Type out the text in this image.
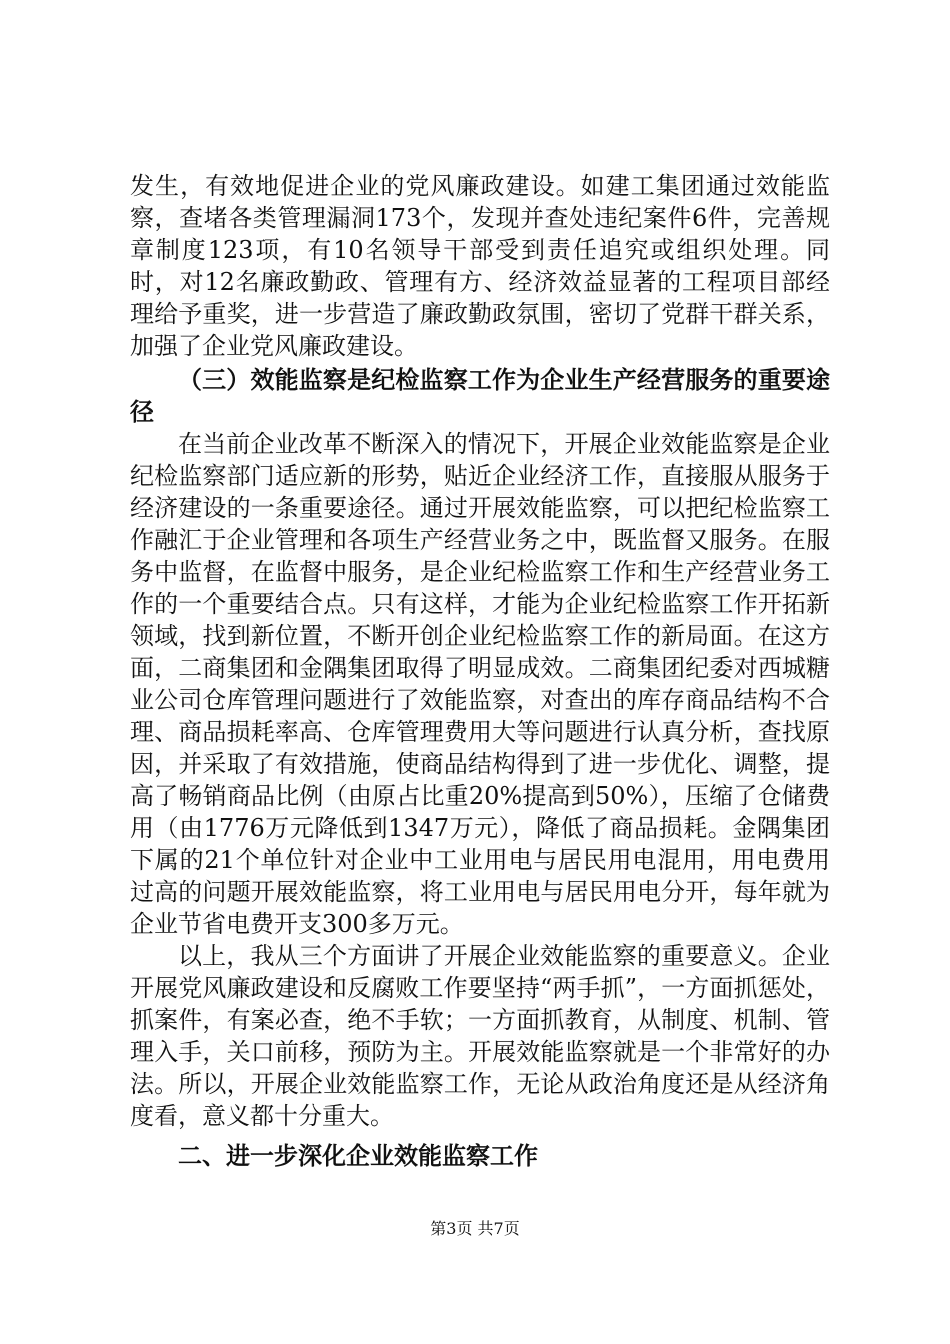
发生，有效地促进企业的党风廉政建设。如建工集团通过效能监察，查堵各类管理漏洞173个，发现并查处违纪案件6件，完善规章制度123项，有10名领导干部受到责任追究或组织处理。同时，对12名廉政勤政、管理有方、经济效益显著的工程项目部经理给予重奖，进一步营造了廉政勤政氛围，密切了党群干群关系，加强了企业党风廉政建设。

（三）效能监察是纪检监察工作为企业生产经营服务的重要途径

在当前企业改革不断深入的情况下，开展企业效能监察是企业纪检监察部门适应新的形势，贴近企业经济工作，直接服从服务于经济建设的一条重要途径。通过开展效能监察，可以把纪检监察工作融汇于企业管理和各项生产经营业务之中，既监督又服务。在服务中监督，在监督中服务，是企业纪检监察工作和生产经营业务工作的一个重要结合点。只有这样，才能为企业纪检监察工作开拓新领域，找到新位置，不断开创企业纪检监察工作的新局面。在这方面，二商集团和金隅集团取得了明显成效。二商集团纪委对西城糖业公司仓库管理问题进行了效能监察，对查出的库存商品结构不合理、商品损耗率高、仓库管理费用大等问题进行认真分析，查找原因，并采取了有效措施，使商品结构得到了进一步优化、调整，提高了畅销商品比例（由原占比重20%提高到50%），压缩了仓储费用（由1776万元降低到1347万元），降低了商品损耗。金隅集团下属的21个单位针对企业中工业用电与居民用电混用，用电费用过高的问题开展效能监察，将工业用电与居民用电分开，每年就为企业节省电费开支300多万元。

以上，我从三个方面讲了开展企业效能监察的重要意义。企业开展党风廉政建设和反腐败工作要坚持“两手抓”，一方面抓惩处，抓案件，有案必查，绝不手软；一方面抓教育，从制度、机制、管理入手，关口前移，预防为主。开展效能监察就是一个非常好的办法。所以，开展企业效能监察工作，无论从政治角度还是从经济角度看，意义都十分重大。

二、进一步深化企业效能监察工作

第3页 共7页
